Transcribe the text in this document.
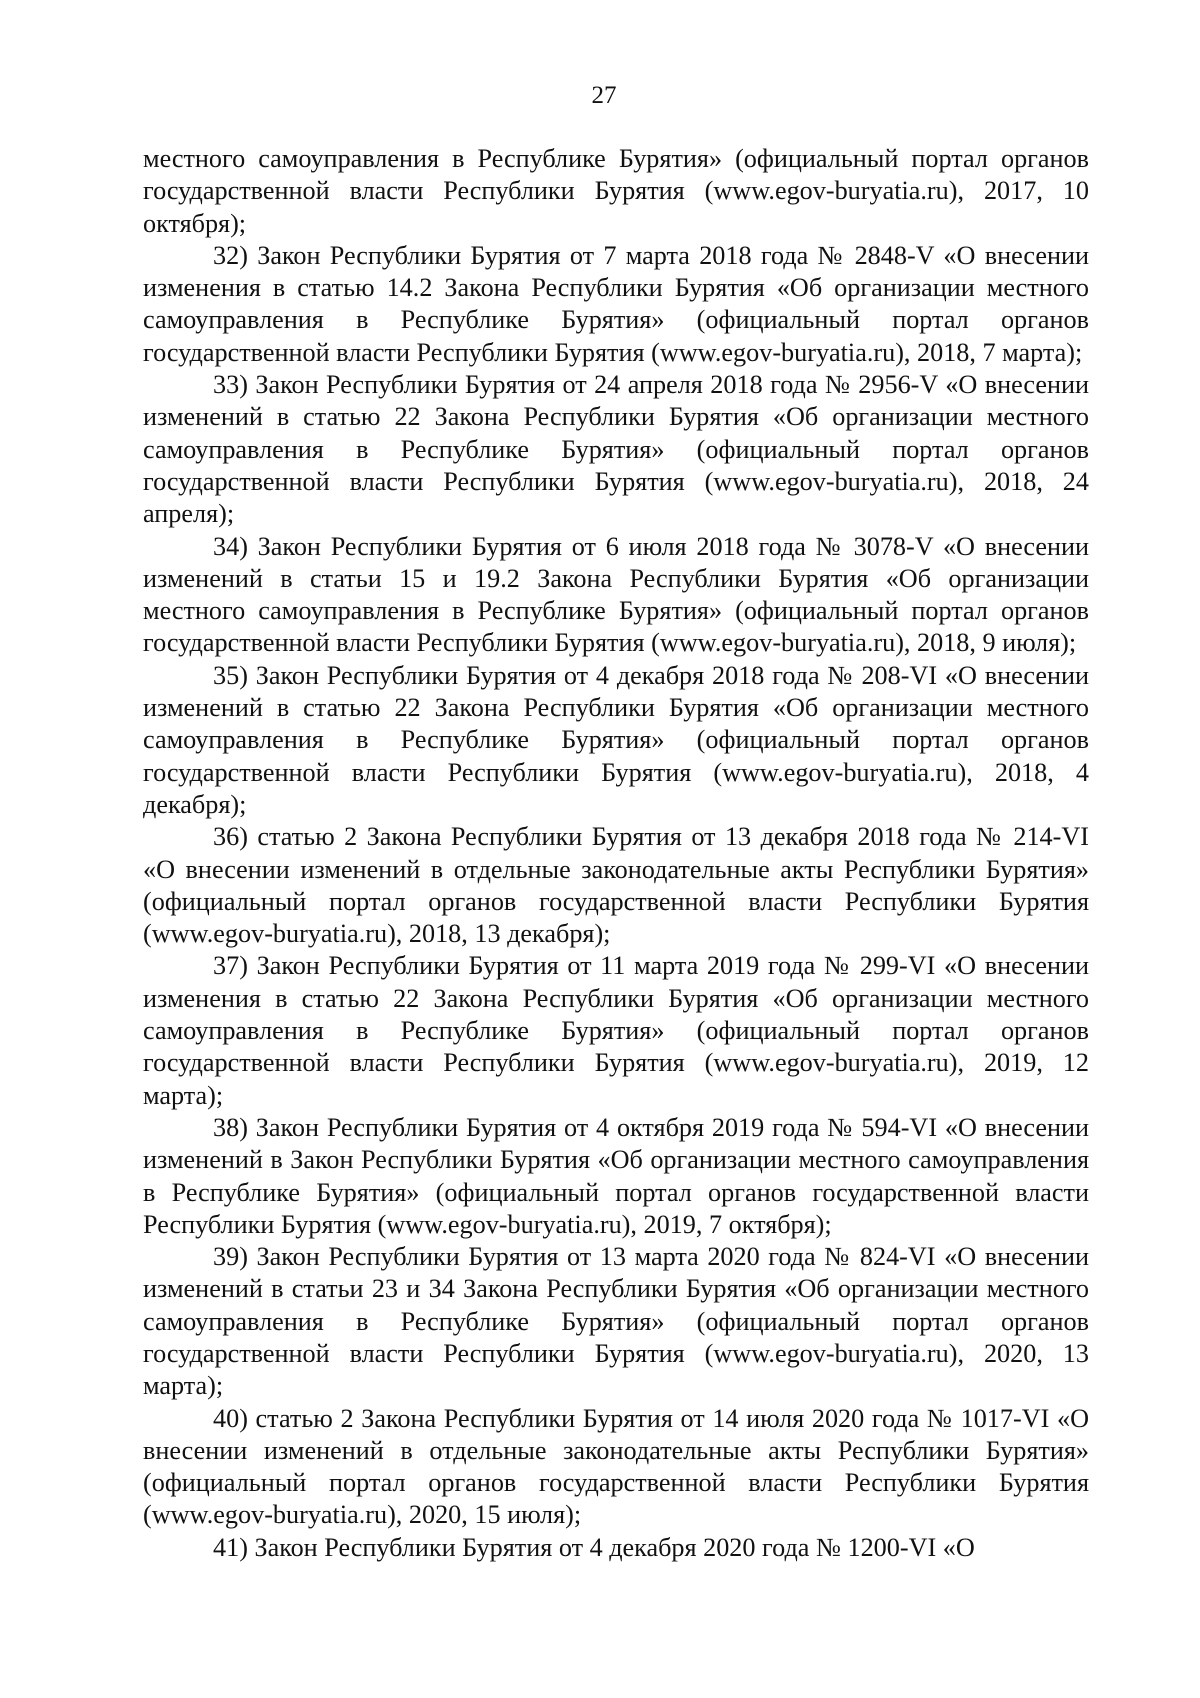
27

местного самоуправления в Республике Бурятия» (официальный портал органов государственной власти Республики Бурятия (www.egov-buryatia.ru), 2017, 10 октября);

32) Закон Республики Бурятия от 7 марта 2018 года № 2848-V «О внесении изменения в статью 14.2 Закона Республики Бурятия «Об организации местного самоуправления в Республике Бурятия» (официальный портал органов государственной власти Республики Бурятия (www.egov-buryatia.ru), 2018, 7 марта);

33) Закон Республики Бурятия от 24 апреля 2018 года № 2956-V «О внесении изменений в статью 22 Закона Республики Бурятия «Об организации местного самоуправления в Республике Бурятия» (официальный портал органов государственной власти Республики Бурятия (www.egov-buryatia.ru), 2018, 24 апреля);

34) Закон Республики Бурятия от 6 июля 2018 года № 3078-V «О внесении изменений в статьи 15 и 19.2 Закона Республики Бурятия «Об организации местного самоуправления в Республике Бурятия» (официальный портал органов государственной власти Республики Бурятия (www.egov-buryatia.ru), 2018, 9 июля);

35) Закон Республики Бурятия от 4 декабря 2018 года № 208-VI «О внесении изменений в статью 22 Закона Республики Бурятия «Об организации местного самоуправления в Республике Бурятия» (официальный портал органов государственной власти Республики Бурятия (www.egov-buryatia.ru), 2018, 4 декабря);

36) статью 2 Закона Республики Бурятия от 13 декабря 2018 года № 214-VI «О внесении изменений в отдельные законодательные акты Республики Бурятия» (официальный портал органов государственной власти Республики Бурятия (www.egov-buryatia.ru), 2018, 13 декабря);

37) Закон Республики Бурятия от 11 марта 2019 года № 299-VI «О внесении изменения в статью 22 Закона Республики Бурятия «Об организации местного самоуправления в Республике Бурятия» (официальный портал органов государственной власти Республики Бурятия (www.egov-buryatia.ru), 2019, 12 марта);

38) Закон Республики Бурятия от 4 октября 2019 года № 594-VI «О внесении изменений в Закон Республики Бурятия «Об организации местного самоуправления в Республике Бурятия» (официальный портал органов государственной власти Республики Бурятия (www.egov-buryatia.ru), 2019, 7 октября);

39) Закон Республики Бурятия от 13 марта 2020 года № 824-VI «О внесении изменений в статьи 23 и 34 Закона Республики Бурятия «Об организации местного самоуправления в Республике Бурятия» (официальный портал органов государственной власти Республики Бурятия (www.egov-buryatia.ru), 2020, 13 марта);

40) статью 2 Закона Республики Бурятия от 14 июля 2020 года № 1017-VI «О внесении изменений в отдельные законодательные акты Республики Бурятия» (официальный портал органов государственной власти Республики Бурятия (www.egov-buryatia.ru), 2020, 15 июля);

41) Закон Республики Бурятия от 4 декабря 2020 года № 1200-VI «О
